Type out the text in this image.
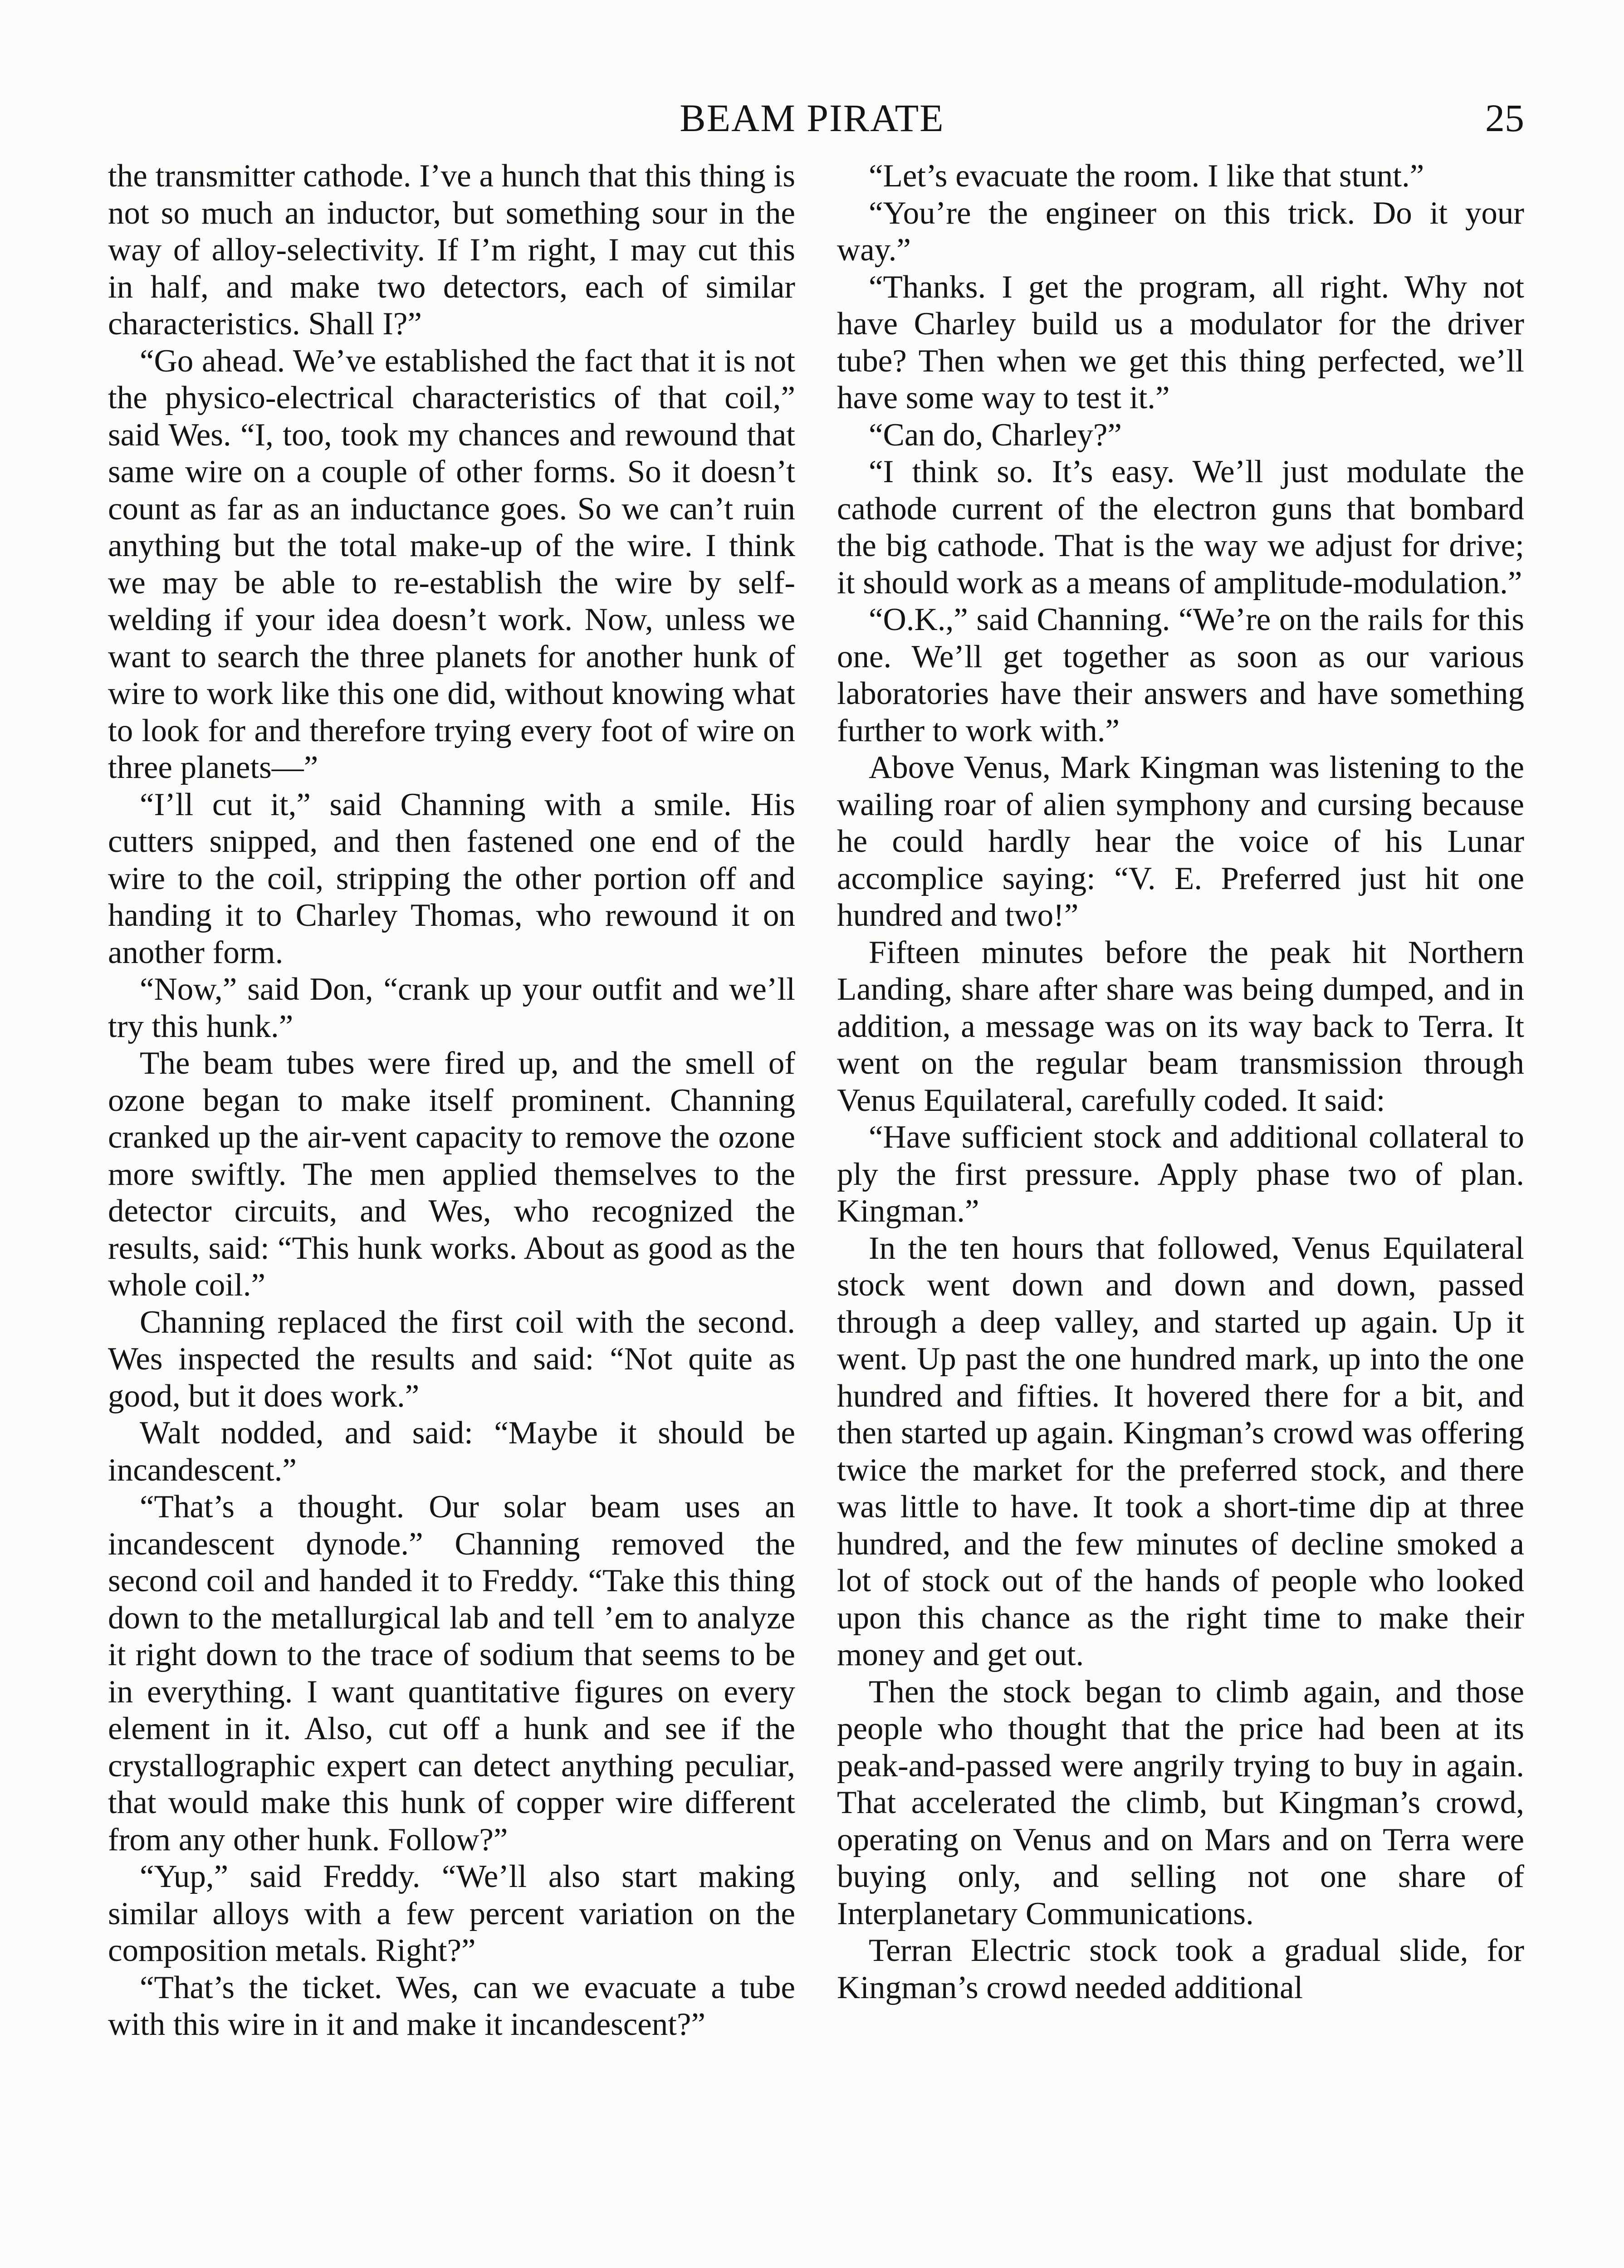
BEAM PIRATE	25

the transmitter cathode. I’ve a hunch that this thing is not so much an inductor, but something sour in the way of alloy-selectivity. If I’m right, I may cut this in half, and make two detectors, each of similar characteristics. Shall I?”

“Go ahead. We’ve established the fact that it is not the physico-electrical characteristics of that coil,” said Wes. “I, too, took my chances and rewound that same wire on a couple of other forms. So it doesn’t count as far as an inductance goes. So we can’t ruin anything but the total make-up of the wire. I think we may be able to re-establish the wire by self-welding if your idea doesn’t work. Now, unless we want to search the three planets for another hunk of wire to work like this one did, without knowing what to look for and therefore trying every foot of wire on three planets—”

“I’ll cut it,” said Channing with a smile. His cutters snipped, and then fastened one end of the wire to the coil, stripping the other portion off and handing it to Charley Thomas, who rewound it on another form.

“Now,” said Don, “crank up your outfit and we’ll try this hunk.”

The beam tubes were fired up, and the smell of ozone began to make itself prominent. Channing cranked up the air-vent capacity to remove the ozone more swiftly. The men applied themselves to the detector circuits, and Wes, who recognized the results, said: “This hunk works. About as good as the whole coil.”

Channing replaced the first coil with the second. Wes inspected the results and said: “Not quite as good, but it does work.”

Walt nodded, and said: “Maybe it should be incandescent.”

“That’s a thought. Our solar beam uses an incandescent dynode.” Channing removed the second coil and handed it to Freddy. “Take this thing down to the metallurgical lab and tell ’em to analyze it right down to the trace of sodium that seems to be in everything. I want quantitative figures on every element in it. Also, cut off a hunk and see if the crystallographic expert can detect anything peculiar, that would make this hunk of copper wire different from any other hunk. Follow?”

“Yup,” said Freddy. “We’ll also start making similar alloys with a few percent variation on the composition metals. Right?”

“That’s the ticket. Wes, can we evacuate a tube with this wire in it and make it incandescent?”

“Let’s evacuate the room. I like that stunt.”

“You’re the engineer on this trick. Do it your way.”

“Thanks. I get the program, all right. Why not have Charley build us a modulator for the driver tube? Then when we get this thing perfected, we’ll have some way to test it.”

“Can do, Charley?”

“I think so. It’s easy. We’ll just modulate the cathode current of the electron guns that bombard the big cathode. That is the way we adjust for drive; it should work as a means of amplitude-modulation.”

“O.K.,” said Channing. “We’re on the rails for this one. We’ll get together as soon as our various laboratories have their answers and have something further to work with.”

Above Venus, Mark Kingman was listening to the wailing roar of alien symphony and cursing because he could hardly hear the voice of his Lunar accomplice saying: “V. E. Preferred just hit one hundred and two!”

Fifteen minutes before the peak hit Northern Landing, share after share was being dumped, and in addition, a message was on its way back to Terra. It went on the regular beam transmission through Venus Equilateral, carefully coded. It said:

“Have sufficient stock and additional collateral to ply the first pressure. Apply phase two of plan. Kingman.”

In the ten hours that followed, Venus Equilateral stock went down and down and down, passed through a deep valley, and started up again. Up it went. Up past the one hundred mark, up into the one hundred and fifties. It hovered there for a bit, and then started up again. Kingman’s crowd was offering twice the market for the preferred stock, and there was little to have. It took a short-time dip at three hundred, and the few minutes of decline smoked a lot of stock out of the hands of people who looked upon this chance as the right time to make their money and get out.

Then the stock began to climb again, and those people who thought that the price had been at its peak-and-passed were angrily trying to buy in again. That accelerated the climb, but Kingman’s crowd, operating on Venus and on Mars and on Terra were buying only, and selling not one share of Interplanetary Communications.

Terran Electric stock took a gradual slide, for Kingman’s crowd needed additional
